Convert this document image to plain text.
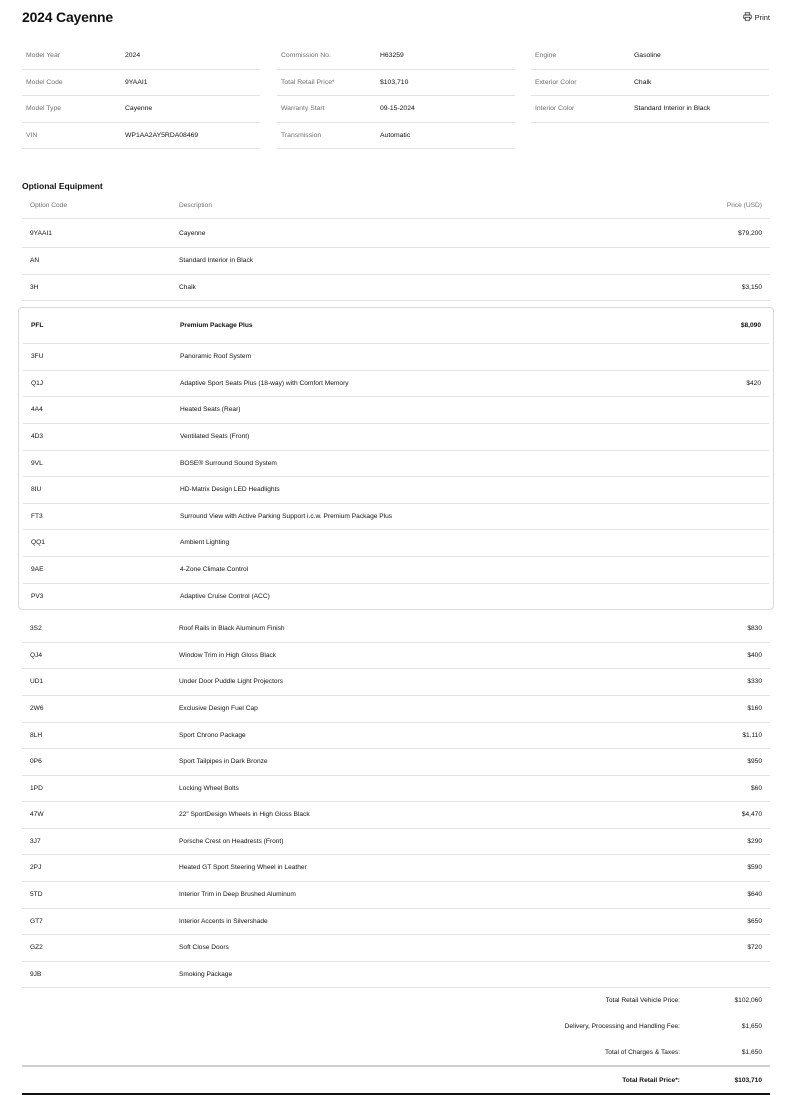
2024 Cayenne	Print
Model Year	2024
Model Code	9YAAI1
Model Type	Cayenne
VIN	WP1AA2AY5RDA08469
Commission No.	H63259
Total Retail Price*	$103,710
Warranty Start	09-15-2024
Transmission	Automatic
Engine	Gasoline
Exterior Color	Chalk
Interior Color	Standard Interior in Black
Optional Equipment
Option Code	Description	Price (USD)
9YAAI1	Cayenne	$79,200
AN	Standard Interior in Black
3H	Chalk	$3,150
PFL	Premium Package Plus	$8,090
3FU	Panoramic Roof System
Q1J	Adaptive Sport Seats Plus (18-way) with Comfort Memory	$420
4A4	Heated Seats (Rear)
4D3	Ventilated Seats (Front)
9VL	BOSE® Surround Sound System
8IU	HD-Matrix Design LED Headlights
FT3	Surround View with Active Parking Support i.c.w. Premium Package Plus
QQ1	Ambient Lighting
9AE	4-Zone Climate Control
PV3	Adaptive Cruise Control (ACC)
3S2	Roof Rails in Black Aluminum Finish	$830
QJ4	Window Trim in High Gloss Black	$400
UD1	Under Door Puddle Light Projectors	$330
2W6	Exclusive Design Fuel Cap	$160
8LH	Sport Chrono Package	$1,110
0P6	Sport Tailpipes in Dark Bronze	$950
1PD	Locking Wheel Bolts	$60
47W	22" SportDesign Wheels in High Gloss Black	$4,470
3J7	Porsche Crest on Headrests (Front)	$290
2PJ	Heated GT Sport Steering Wheel in Leather	$590
5TD	Interior Trim in Deep Brushed Aluminum	$640
GT7	Interior Accents in Silvershade	$650
GZ2	Soft Close Doors	$720
9JB	Smoking Package
Total Retail Vehicle Price:	$102,060
Delivery, Processing and Handling Fee:	$1,650
Total of Charges & Taxes:	$1,650
Total Retail Price*:	$103,710
